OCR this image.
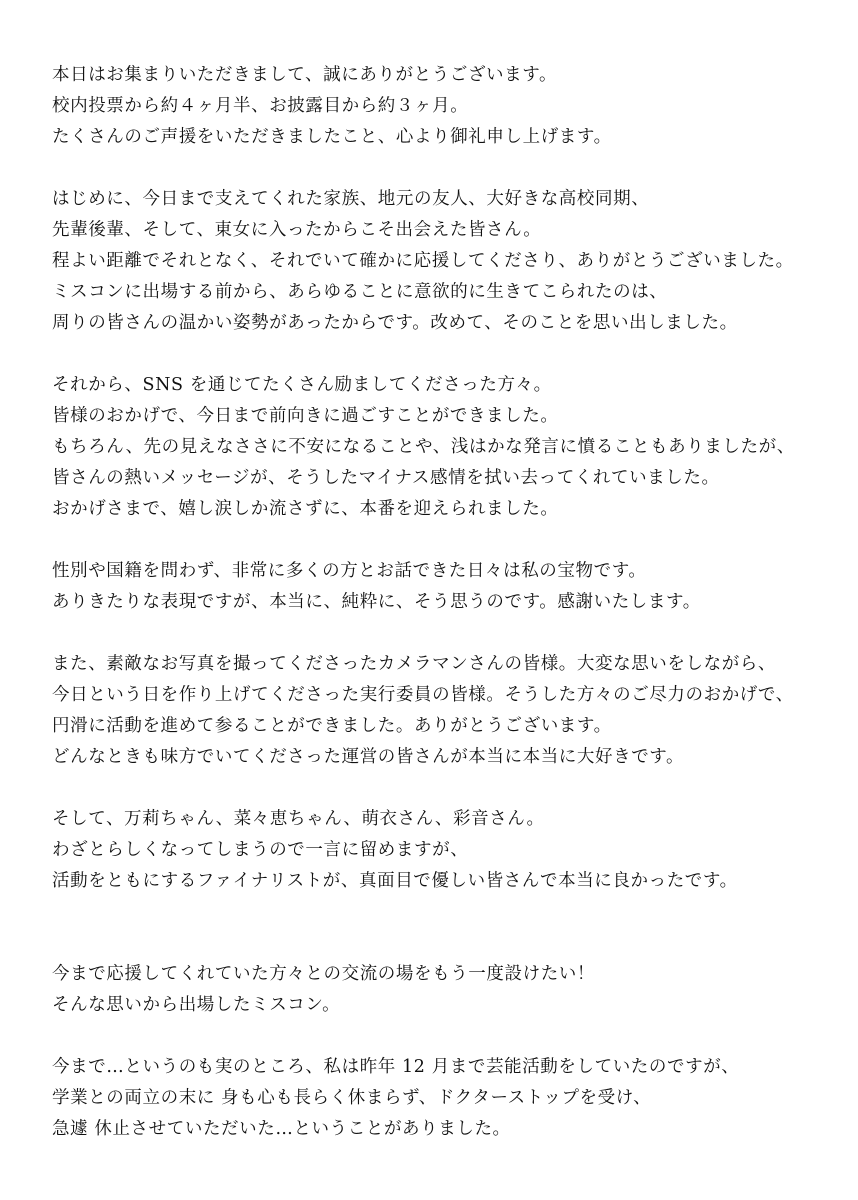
本日はお集まりいただきまして、誠にありがとうございます。
校内投票から約４ヶ月半、お披露目から約３ヶ月。
たくさんのご声援をいただきましたこと、心より御礼申し上げます。
はじめに、今日まで支えてくれた家族、地元の友人、大好きな高校同期、
先輩後輩、そして、東女に入ったからこそ出会えた皆さん。
程よい距離でそれとなく、それでいて確かに応援してくださり、ありがとうございました。
ミスコンに出場する前から、あらゆることに意欲的に生きてこられたのは、
周りの皆さんの温かい姿勢があったからです。改めて、そのことを思い出しました。
それから、SNS を通じてたくさん励ましてくださった方々。
皆様のおかげで、今日まで前向きに過ごすことができました。
もちろん、先の見えなささに不安になることや、浅はかな発言に憤ることもありましたが、
皆さんの熱いメッセージが、そうしたマイナス感情を拭い去ってくれていました。
おかげさまで、嬉し涙しか流さずに、本番を迎えられました。
性別や国籍を問わず、非常に多くの方とお話できた日々は私の宝物です。
ありきたりな表現ですが、本当に、純粋に、そう思うのです。感謝いたします。
また、素敵なお写真を撮ってくださったカメラマンさんの皆様。大変な思いをしながら、
今日という日を作り上げてくださった実行委員の皆様。そうした方々のご尽力のおかげで、
円滑に活動を進めて参ることができました。ありがとうございます。
どんなときも味方でいてくださった運営の皆さんが本当に本当に大好きです。
そして、万莉ちゃん、菜々恵ちゃん、萌衣さん、彩音さん。
わざとらしくなってしまうので一言に留めますが、
活動をともにするファイナリストが、真面目で優しい皆さんで本当に良かったです。
今まで応援してくれていた方々との交流の場をもう一度設けたい！
そんな思いから出場したミスコン。
今まで…というのも実のところ、私は昨年 12 月まで芸能活動をしていたのですが、
学業との両立の末に 身も心も長らく休まらず、ドクターストップを受け、
急遽 休止させていただいた…ということがありました。
